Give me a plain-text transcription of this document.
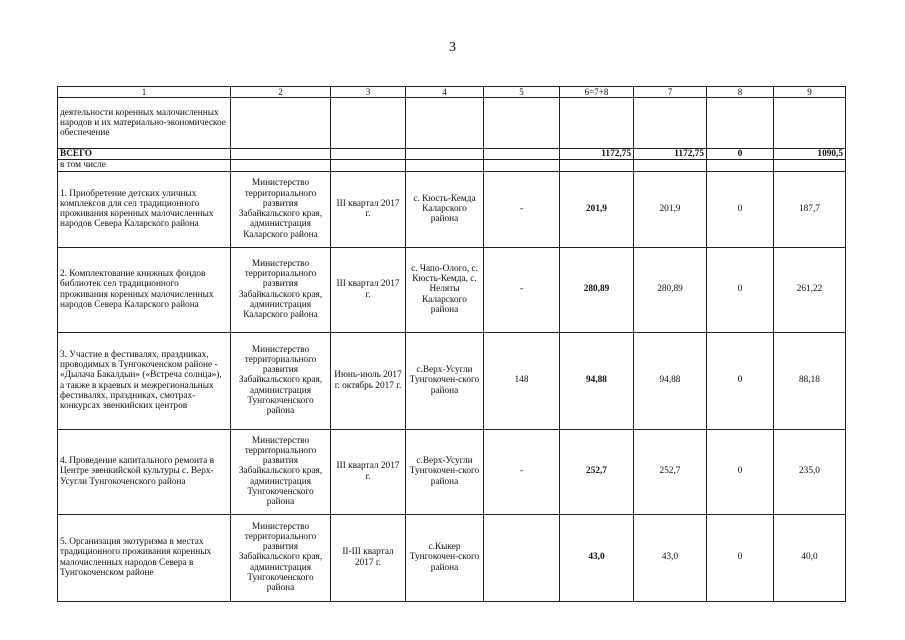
3
1	2	3	4	5	6=7+8	7	8	9
деятельности коренных малочисленных народов и их материально-экономическое обеспечение								
ВСЕГО					1172,75	1172,75	0	1090,5
в том числе								
1. Приобретение детских уличных комплексов для сел традиционного проживания коренных малочисленных народов Севера Каларского района	Министерство территориального развития Забайкальского края, администрация Каларского района	III квартал 2017 г.	с. Кюсть-Кемда Каларского района	-	201,9	201,9	0	187,7
2. Комплектование книжных фондов библиотек сел традиционного проживания коренных малочисленных народов Севера Каларского района	Министерство территориального развития Забайкальского края, администрация Каларского района	III квартал 2017 г.	с. Чапо-Олого, с. Кюсть-Кемда, с. Неляты Каларского района	-	280,89	280,89	0	261,22
3. Участие в фестивалях, праздниках, проводимых в Тунгокоченском районе - «Дылача Бакалдын» («Встреча солнца»), а также в краевых и межрегиональных фестивалях, праздниках, смотрах-конкурсах эвенкийских центров	Министерство территориального развития Забайкальского края, администрация Тунгокоченского района	Июнь-июль 2017 г. октябрь 2017 г.	с.Верх-Усугли Тунгокочен-ского района	148	94,88	94,88	0	88,18
4. Проведение капитального ремонта в Центре эвенкийской культуры с. Верх-Усугли Тунгокоченского района	Министерство территориального развития Забайкальского края, администрация Тунгокоченского района	III квартал 2017 г.	с.Верх-Усугли Тунгокочен-ского района	-	252,7	252,7	0	235,0
5. Организация экотуризма в местах традиционного проживания коренных малочисленных народов Севера в Тунгокоченском районе	Министерство территориального развития Забайкальского края, администрация Тунгокоченского района	II-III квартал 2017 г.	с.Кыкер Тунгокочен-ского района		43,0	43,0	0	40,0
